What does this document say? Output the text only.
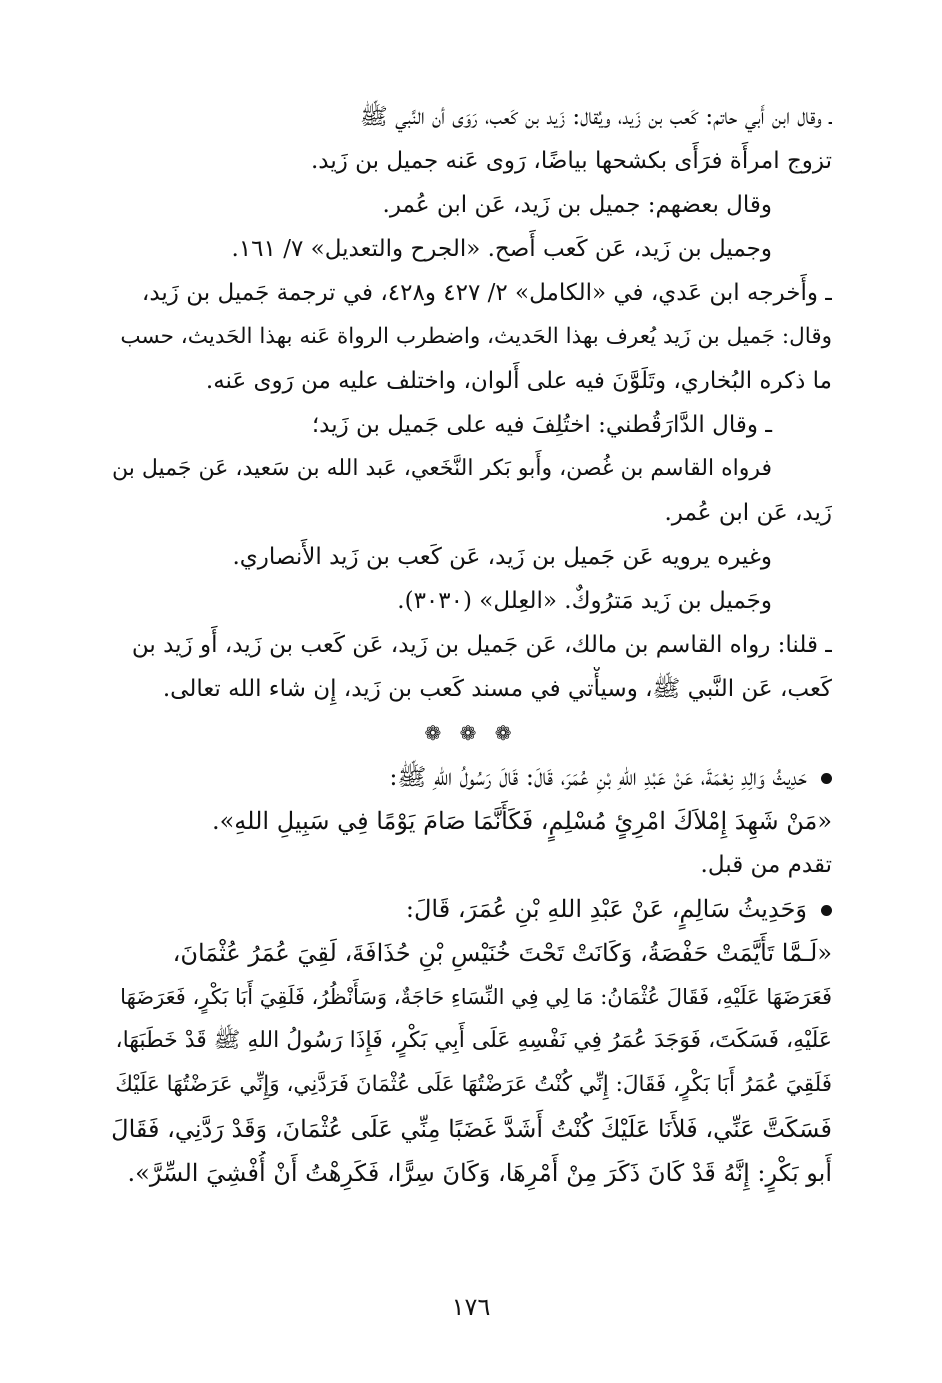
ـ وقال ابن أَبي حاتم: كَعب بن زَيد، ويُقال: زَيد بن كَعب، رَوَى أن النَّبي ﷺ
تزوج امرأَة فرَأَى بكشحها بياضًا، رَوى عَنه جميل بن زَيد.
وقال بعضهم: جميل بن زَيد، عَن ابن عُمر.
وجميل بن زَيد، عَن كَعب أَصح. «الجرح والتعديل» ٧/ ١٦١.
ـ وأَخرجه ابن عَدي، في «الكامل» ٢/ ٤٢٧ و٤٢٨، في ترجمة جَميل بن زَيد،
وقال: جَميل بن زَيد يُعرف بهذا الحَديث، واضطرب الرواة عَنه بهذا الحَديث، حسب
ما ذكره البُخاري، وتَلَوَّنَ فيه على أَلوان، واختلف عليه من رَوى عَنه.
ـ وقال الدَّارَقُطني: اختُلِفَ فيه على جَميل بن زَيد؛
فرواه القاسم بن غُصن، وأَبو بَكر النَّخَعي، عَبد الله بن سَعيد، عَن جَميل بن
زَيد، عَن ابن عُمر.
وغيره يرويه عَن جَميل بن زَيد، عَن كَعب بن زَيد الأَنصاري.
وجَميل بن زَيد مَترُوكٌ. «العِلل» (٣٠٣٠).
ـ قلنا: رواه القاسم بن مالك، عَن جَميل بن زَيد، عَن كَعب بن زَيد، أَو زَيد بن
كَعب، عَن النَّبي ﷺ، وسيأْتي في مسند كَعب بن زَيد، إِن شاء الله تعالى.
❁ ❁ ❁
حَدِيثُ وَالِدِ نِعْمَةَ، عَنْ عَبْدِ اللهِ بْنِ عُمَرَ، قَالَ: قَالَ رَسُولُ اللهِ ﷺ:
«مَنْ شَهِدَ إِمْلاَكَ امْرِئٍ مُسْلِمٍ، فَكَأَنَّمَا صَامَ يَوْمًا فِي سَبِيلِ اللهِ».
تقدم من قبل.
وَحَدِيثُ سَالِمٍ، عَنْ عَبْدِ اللهِ بْنِ عُمَرَ، قَالَ:
«لَـمَّا تَأَيَّمَتْ حَفْصَةُ، وَكَانَتْ تَحْتَ خُنَيْسِ بْنِ حُذَافَةَ، لَقِيَ عُمَرُ عُثْمَانَ،
فَعَرَضَهَا عَلَيْهِ، فَقَالَ عُثْمَانُ: مَا لِي فِي النِّسَاءِ حَاجَةٌ، وَسَأَنْظُرُ، فَلَقِيَ أَبَا بَكْرٍ، فَعَرَضَهَا
عَلَيْهِ، فَسَكَتَ، فَوَجَدَ عُمَرُ فِي نَفْسِهِ عَلَى أَبِي بَكْرٍ، فَإِذَا رَسُولُ اللهِ ﷺ قَدْ خَطَبَهَا،
فَلَقِيَ عُمَرُ أَبَا بَكْرٍ، فَقَالَ: إِنِّي كُنْتُ عَرَضْتُهَا عَلَى عُثْمَانَ فَرَدَّنِي، وَإِنِّي عَرَضْتُهَا عَلَيْكَ
فَسَكَتَّ عَنِّي، فَلأَنَا عَلَيْكَ كُنْتُ أَشَدَّ غَضَبًا مِنِّي عَلَى عُثْمَانَ، وَقَدْ رَدَّنِي، فَقَالَ
أَبو بَكْرٍ: إِنَّهُ قَدْ كَانَ ذَكَرَ مِنْ أَمْرِهَا، وَكَانَ سِرًّا، فَكَرِهْتُ أَنْ أُفْشِيَ السِّرَّ».
١٧٦
